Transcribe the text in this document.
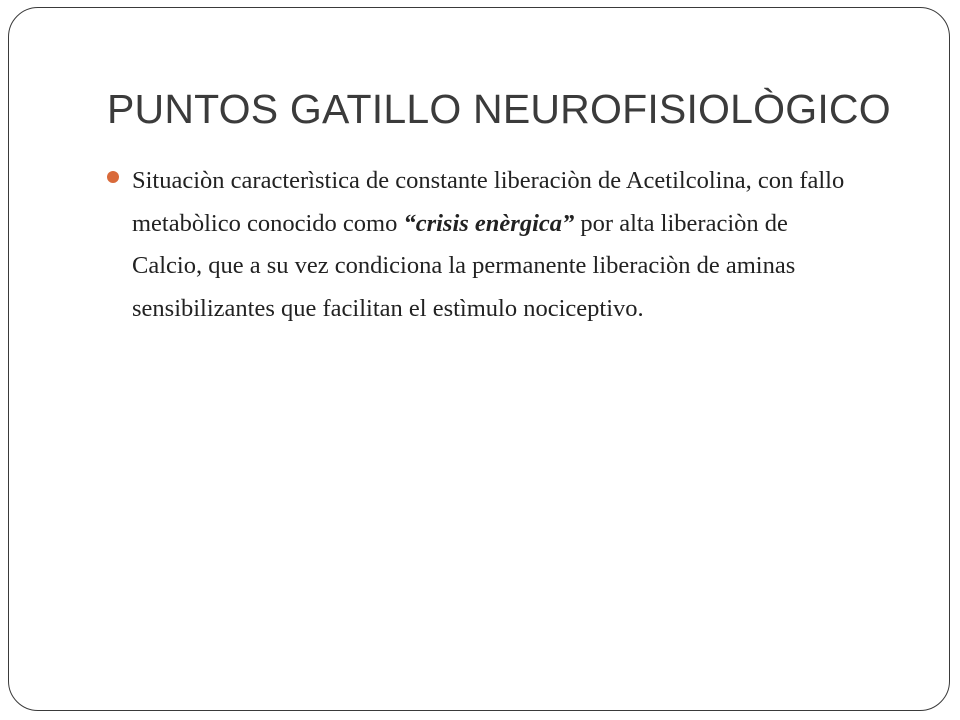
PUNTOS GATILLO NEUROFISIOLÒGICO
Situaciòn caracterìstica de constante liberaciòn de Acetilcolina, con fallo metabòlico conocido como “crisis enèrgica” por alta liberaciòn de Calcio, que a su vez condiciona la permanente liberaciòn de aminas sensibilizantes que facilitan el estìmulo nociceptivo.
